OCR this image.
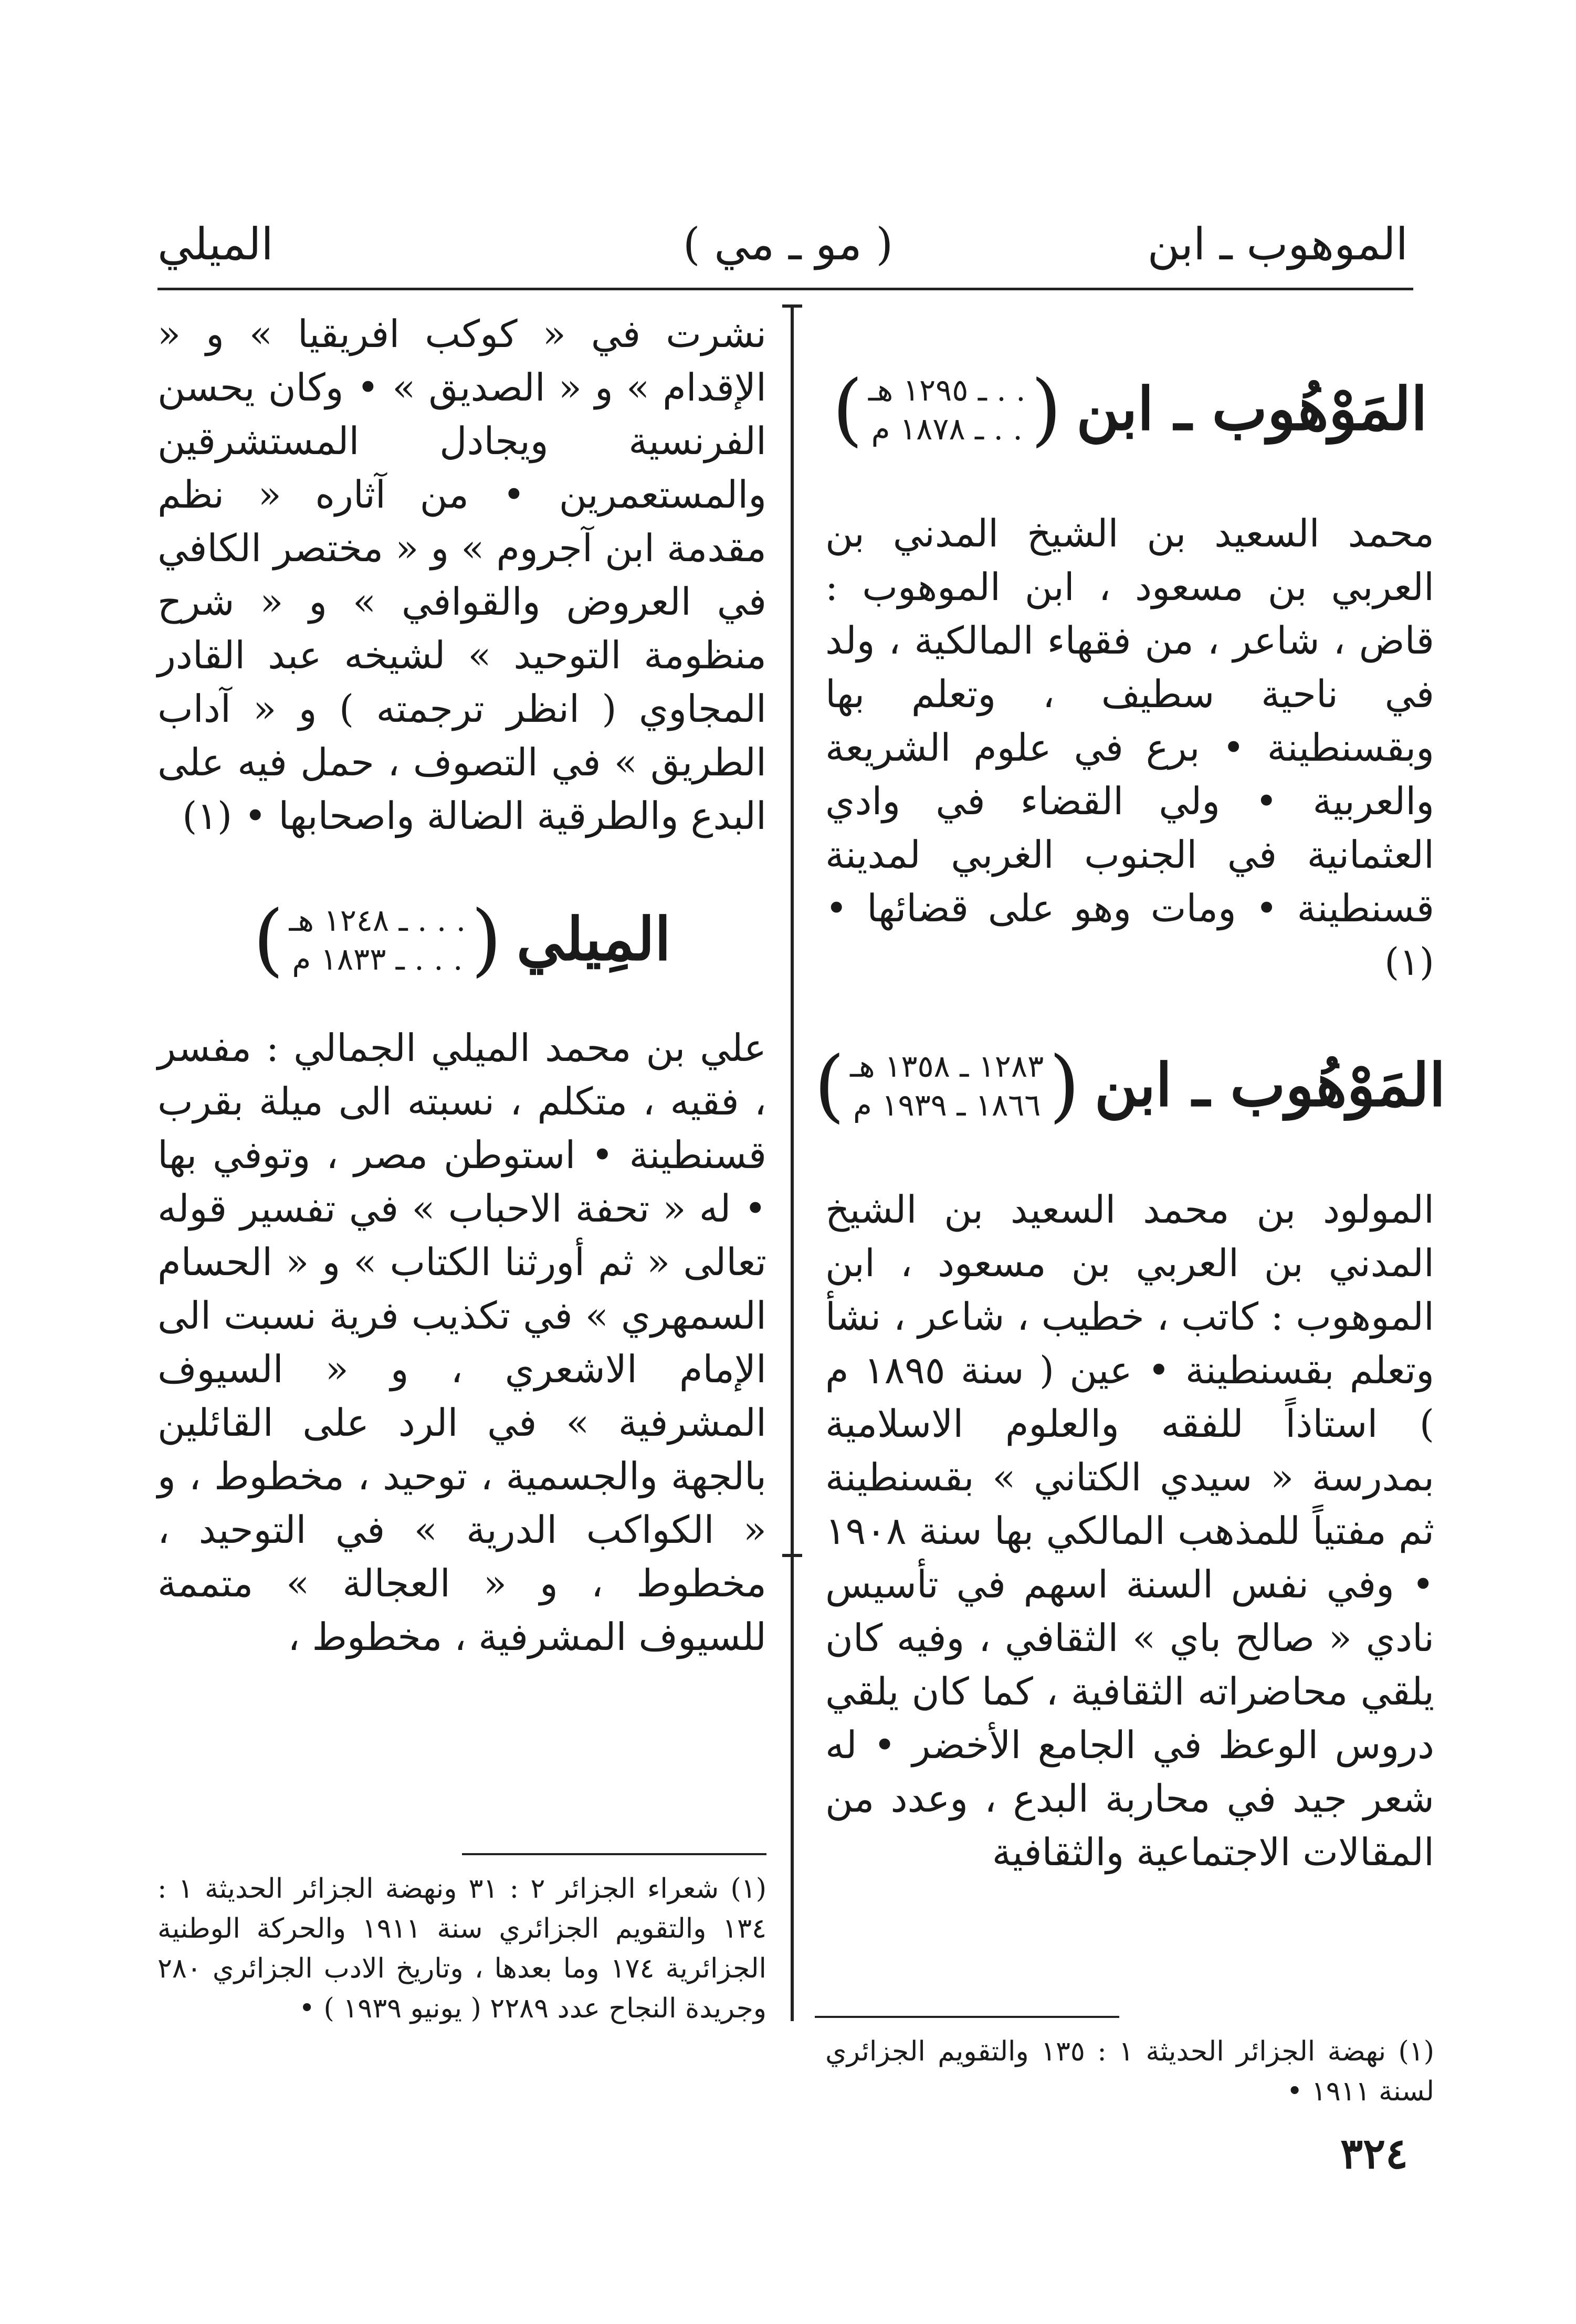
الموهوب ـ ابن
( مو ـ مي )
الميلي
المَوْهُوب ـ ابن
(
. . ـ ١٢٩٥ هـ
. . ـ ١٨٧٨ م
)

محمد السعيد بن الشيخ المدني بن العربي بن مسعود ، ابن الموهوب : قاض ، شاعر ، من فقهاء المالكية ، ولد في ناحية سطيف ، وتعلم بها وبقسنطينة • برع في علوم الشريعة والعربية • ولي القضاء في وادي العثمانية في الجنوب الغربي لمدينة قسنطينة • ومات وهو على قضائها • (١)

المَوْهُوب ـ ابن
(
١٢٨٣ ـ ١٣٥٨ هـ
١٨٦٦ ـ ١٩٣٩ م
)

المولود بن محمد السعيد بن الشيخ المدني بن العربي بن مسعود ، ابن الموهوب : كاتب ، خطيب ، شاعر ، نشأ وتعلم بقسنطينة • عين ( سنة ١٨٩٥ م ) استاذاً للفقه والعلوم الاسلامية بمدرسة « سيدي الكتاني » بقسنطينة ثم مفتياً للمذهب المالكي بها سنة ١٩٠٨ • وفي نفس السنة اسهم في تأسيس نادي « صالح باي » الثقافي ، وفيه كان يلقي محاضراته الثقافية ، كما كان يلقي دروس الوعظ في الجامع الأخضر • له شعر جيد في محاربة البدع ، وعدد من المقالات الاجتماعية والثقافية

(١) نهضة الجزائر الحديثة ١ : ١٣٥ والتقويم الجزائري لسنة ١٩١١ •

نشرت في « كوكب افريقيا » و « الإقدام » و « الصديق » • وكان يحسن الفرنسية ويجادل المستشرقين والمستعمرين • من آثاره « نظم مقدمة ابن آجروم » و « مختصر الكافي في العروض والقوافي » و « شرح منظومة التوحيد » لشيخه عبد القادر المجاوي ( انظر ترجمته ) و « آداب الطريق » في التصوف ، حمل فيه على البدع والطرقية الضالة واصحابها • (١)

المِيلي
(
. . . ـ ١٢٤٨ هـ
. . . ـ ١٨٣٣ م
)

علي بن محمد الميلي الجمالي : مفسر ، فقيه ، متكلم ، نسبته الى ميلة بقرب قسنطينة • استوطن مصر ، وتوفي بها • له « تحفة الاحباب » في تفسير قوله تعالى « ثم أورثنا الكتاب » و « الحسام السمهري » في تكذيب فرية نسبت الى الإمام الاشعري ، و « السيوف المشرفية » في الرد على القائلين بالجهة والجسمية ، توحيد ، مخطوط ، و « الكواكب الدرية » في التوحيد ، مخطوط ، و « العجالة » متممة للسيوف المشرفية ، مخطوط ،

(١) شعراء الجزائر ٢ : ٣١ ونهضة الجزائر الحديثة ١ : ١٣٤ والتقويم الجزائري سنة ١٩١١ والحركة الوطنية الجزائرية ١٧٤ وما بعدها ، وتاريخ الادب الجزائري ٢٨٠ وجريدة النجاح عدد ٢٢٨٩ ( يونيو ١٩٣٩ ) •

٣٢٤
